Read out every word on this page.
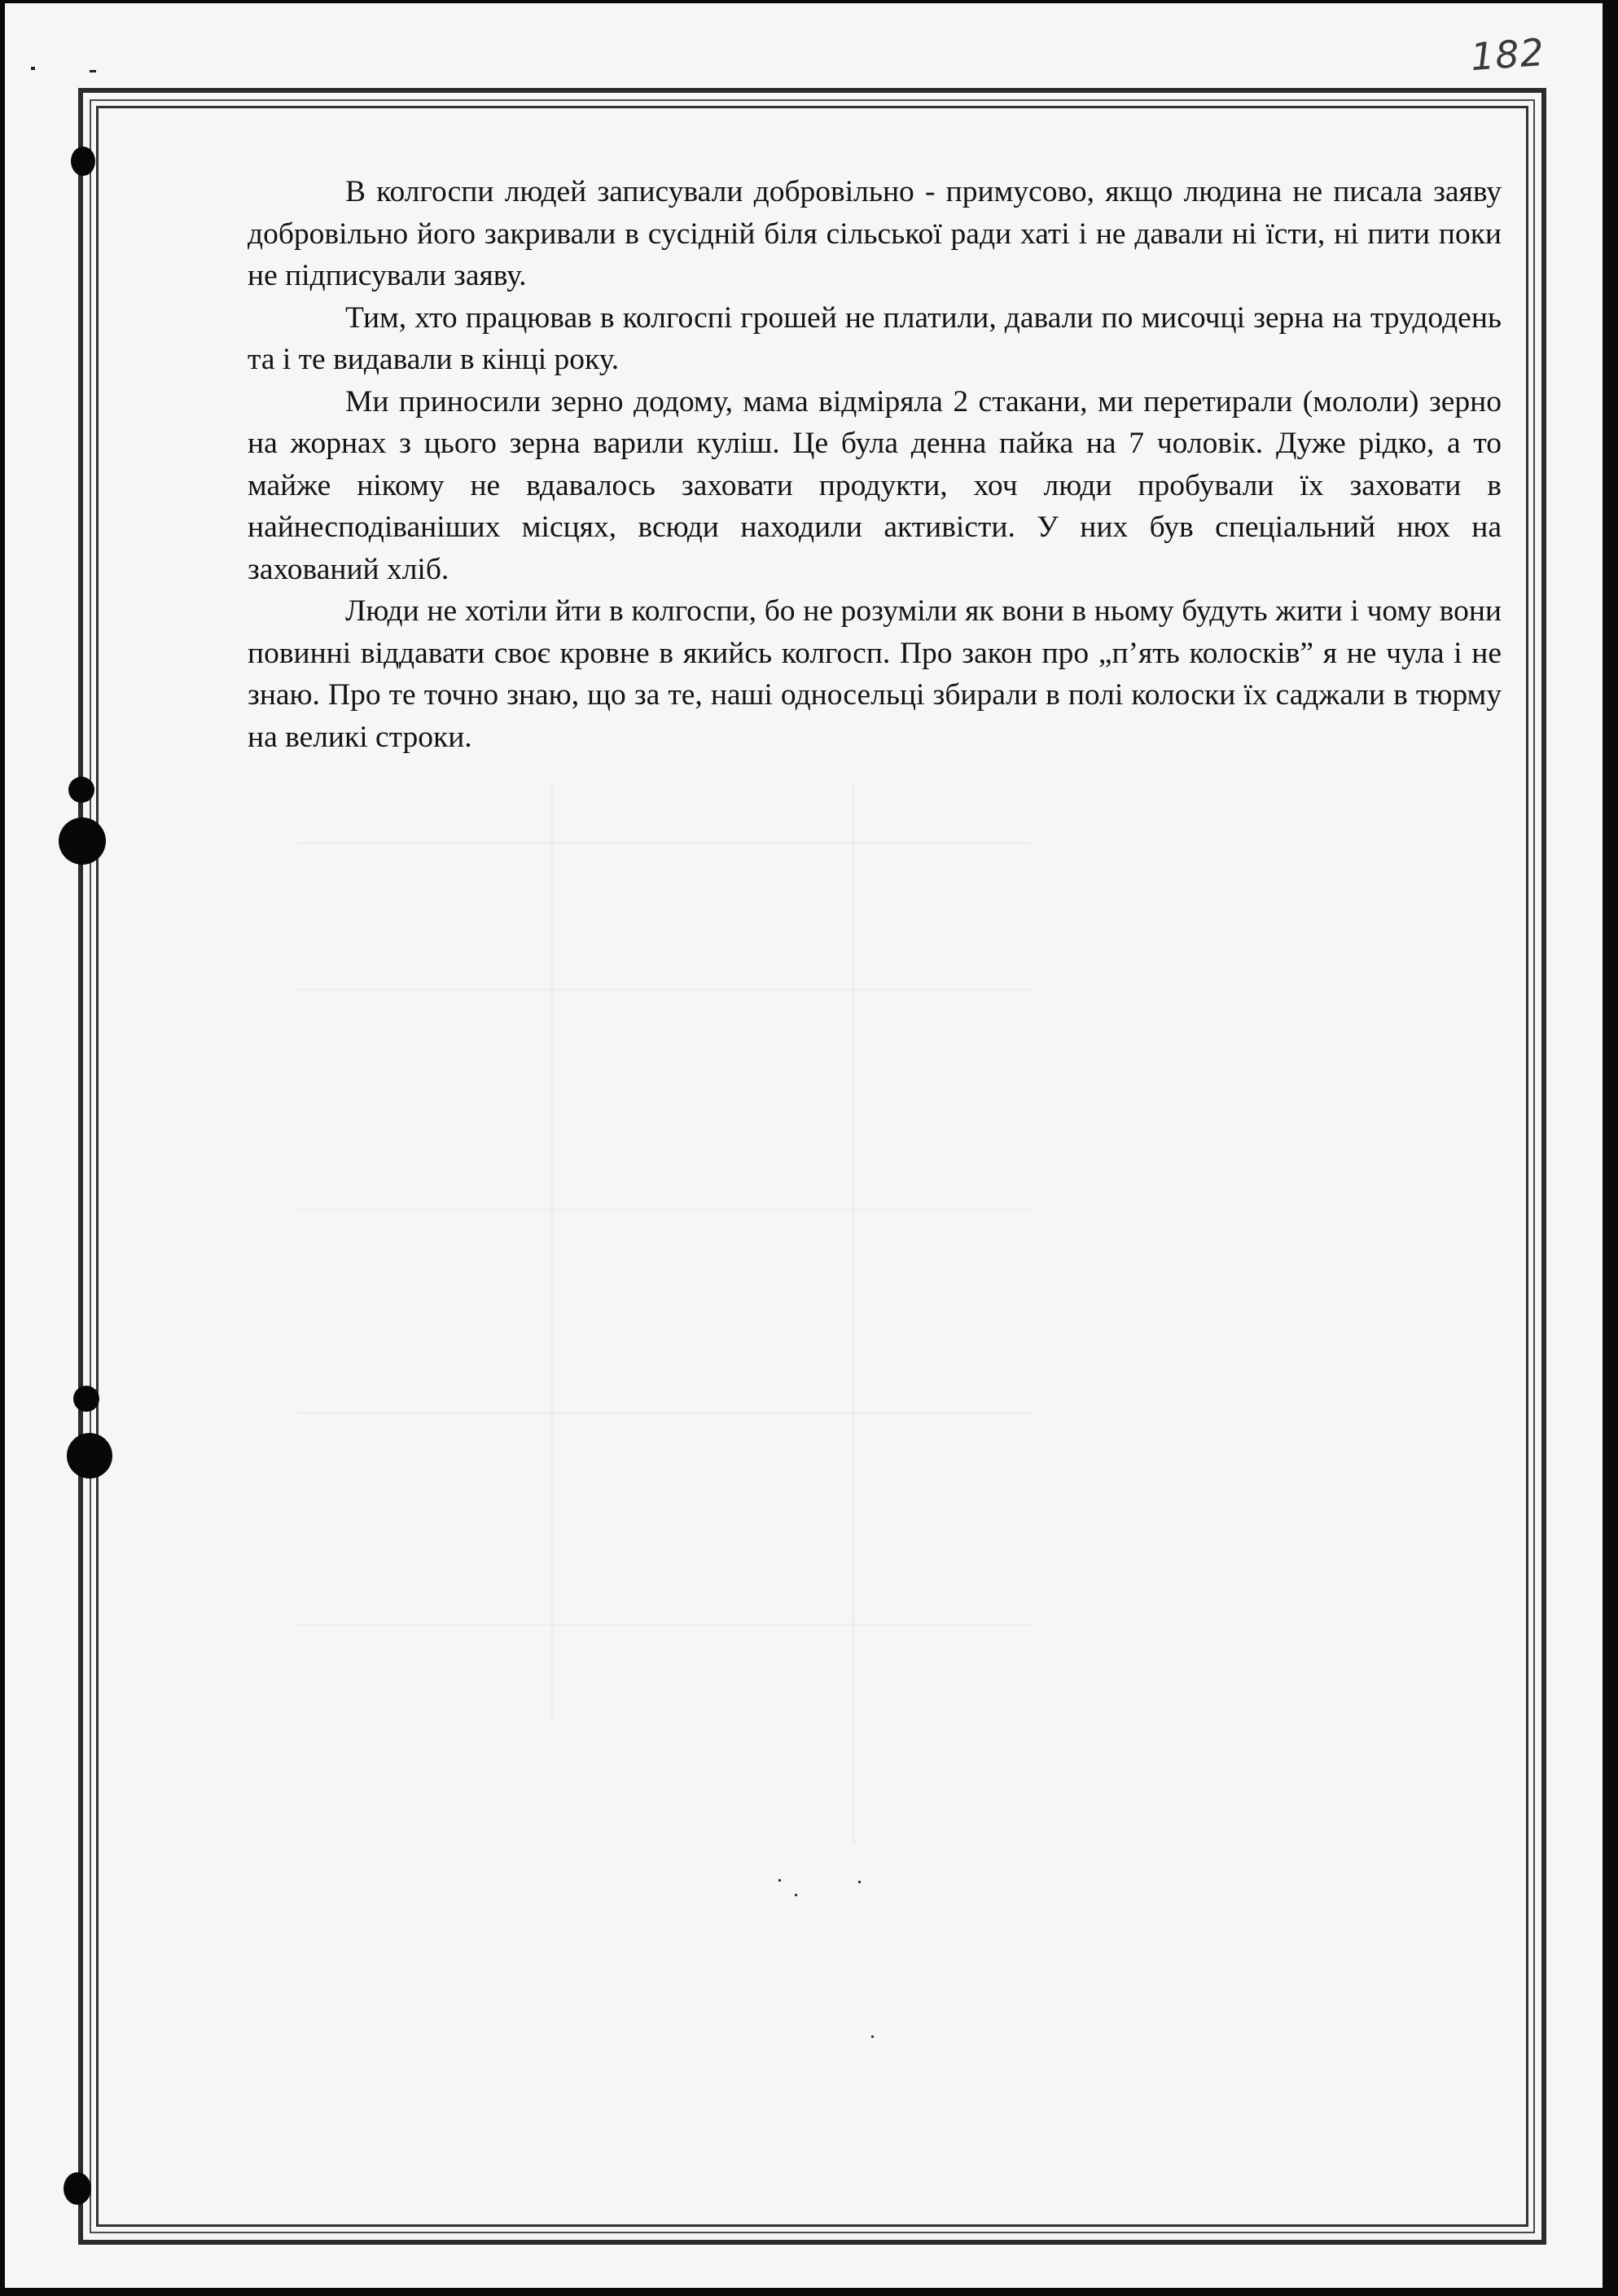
182

В колгоспи людей записували добровільно - примусово, якщо людина не писала заяву добровільно його закривали в сусідній біля сільської ради хаті і не давали ні їсти, ні пити поки не підписували заяву.

Тим, хто працював в колгоспі грошей не платили, давали по мисочці зерна на трудодень та і те видавали в кінці року.

Ми приносили зерно додому, мама відміряла 2 стакани, ми перетирали (мололи) зерно на жорнах з цього зерна варили куліш. Це була денна пайка на 7 чоловік. Дуже рідко, а то майже нікому не вдавалось заховати продукти, хоч люди пробували їх заховати в найнесподіваніших місцях, всюди находили активісти. У них був спеціальний нюх на захований хліб.

Люди не хотіли йти в колгоспи, бо не розуміли як вони в ньому будуть жити і чому вони повинні віддавати своє кровне в якийсь колгосп. Про закон про „п’ять колосків” я не чула і не знаю. Про те точно знаю, що за те, наші односельці збирали в полі колоски їх саджали в тюрму на великі строки.
